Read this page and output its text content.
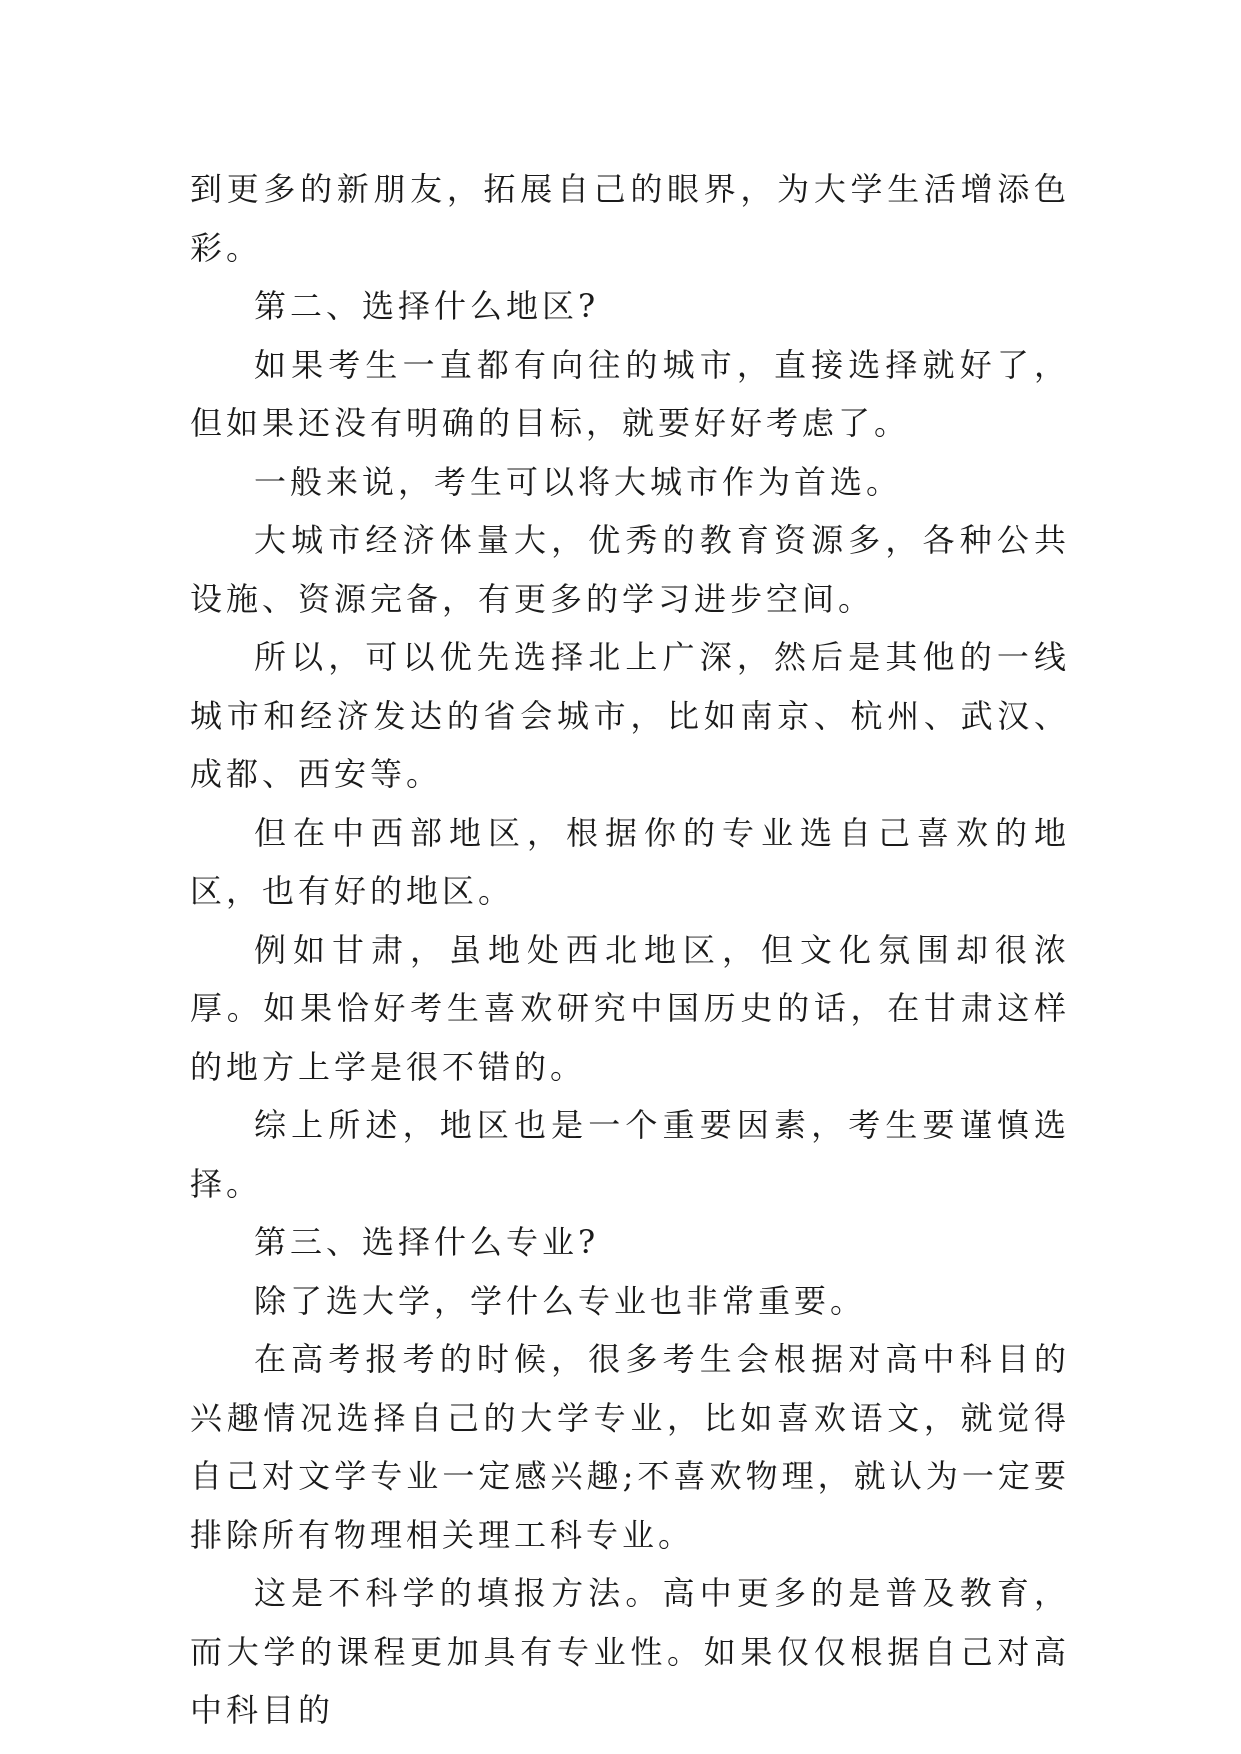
到更多的新朋友，拓展自己的眼界，为大学生活增添色彩。

第二、选择什么地区?

如果考生一直都有向往的城市，直接选择就好了，但如果还没有明确的目标，就要好好考虑了。

一般来说，考生可以将大城市作为首选。

大城市经济体量大，优秀的教育资源多，各种公共设施、资源完备，有更多的学习进步空间。

所以，可以优先选择北上广深，然后是其他的一线城市和经济发达的省会城市，比如南京、杭州、武汉、成都、西安等。

但在中西部地区，根据你的专业选自己喜欢的地区，也有好的地区。

例如甘肃，虽地处西北地区，但文化氛围却很浓厚。如果恰好考生喜欢研究中国历史的话，在甘肃这样的地方上学是很不错的。

综上所述，地区也是一个重要因素，考生要谨慎选择。

第三、选择什么专业?

除了选大学，学什么专业也非常重要。

在高考报考的时候，很多考生会根据对高中科目的兴趣情况选择自己的大学专业，比如喜欢语文，就觉得自己对文学专业一定感兴趣;不喜欢物理，就认为一定要排除所有物理相关理工科专业。

这是不科学的填报方法。高中更多的是普及教育，而大学的课程更加具有专业性。如果仅仅根据自己对高中科目的
